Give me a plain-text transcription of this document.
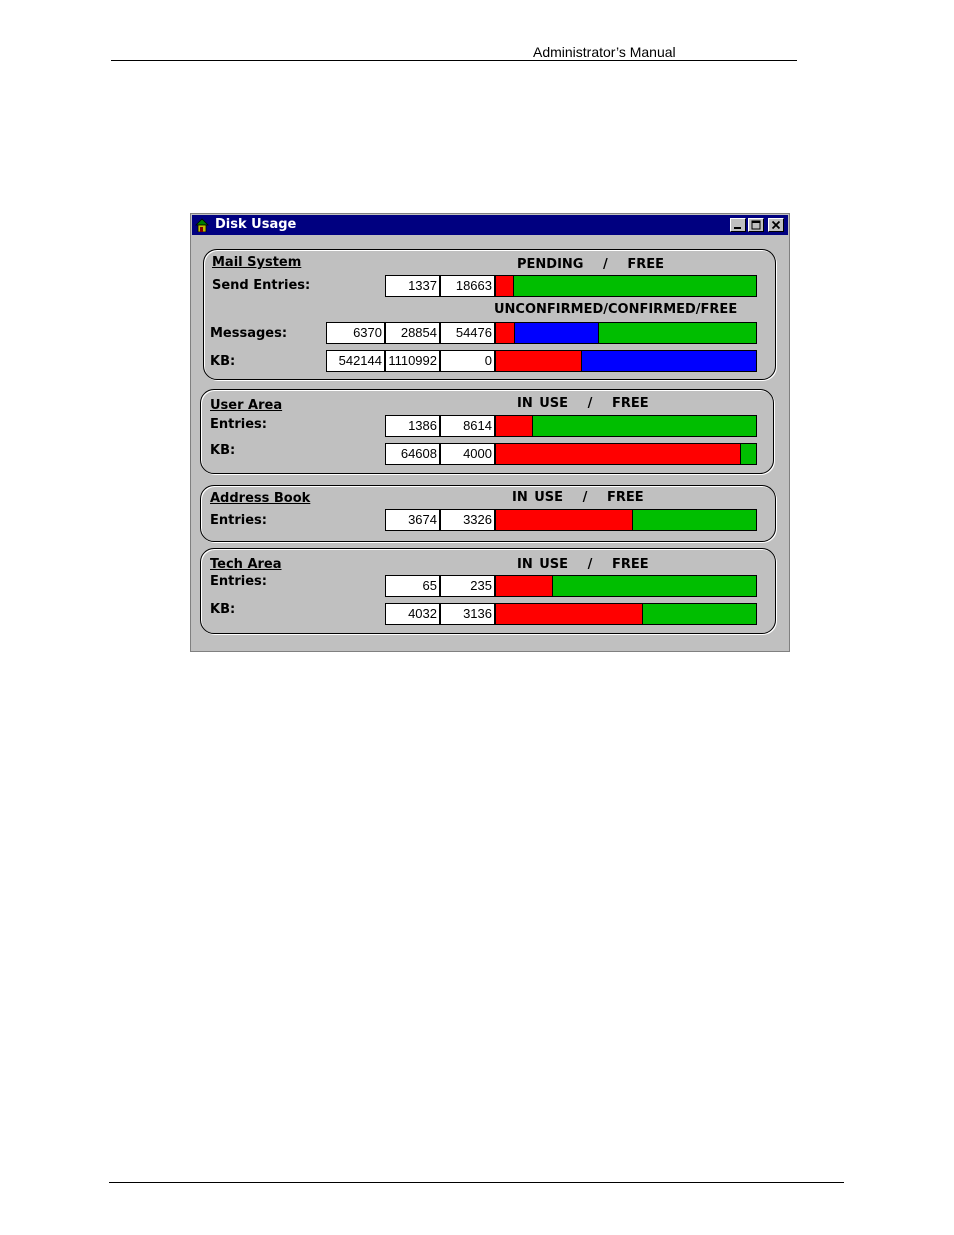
Administrator’s Manual
Disk Usage
Mail System	PENDING   /   FREE
Send Entries:	1337	18663
UNCONFIRMED/CONFIRMED/FREE
Messages:	6370	28854	54476
KB:	542144 1110992	0
User Area	IN USE   /   FREE
Entries:	1386	8614
KB:	64608	4000
Address Book	IN USE   /   FREE
Entries:	3674	3326
Tech Area	IN USE   /   FREE
Entries:	65	235
KB:	4032	3136
